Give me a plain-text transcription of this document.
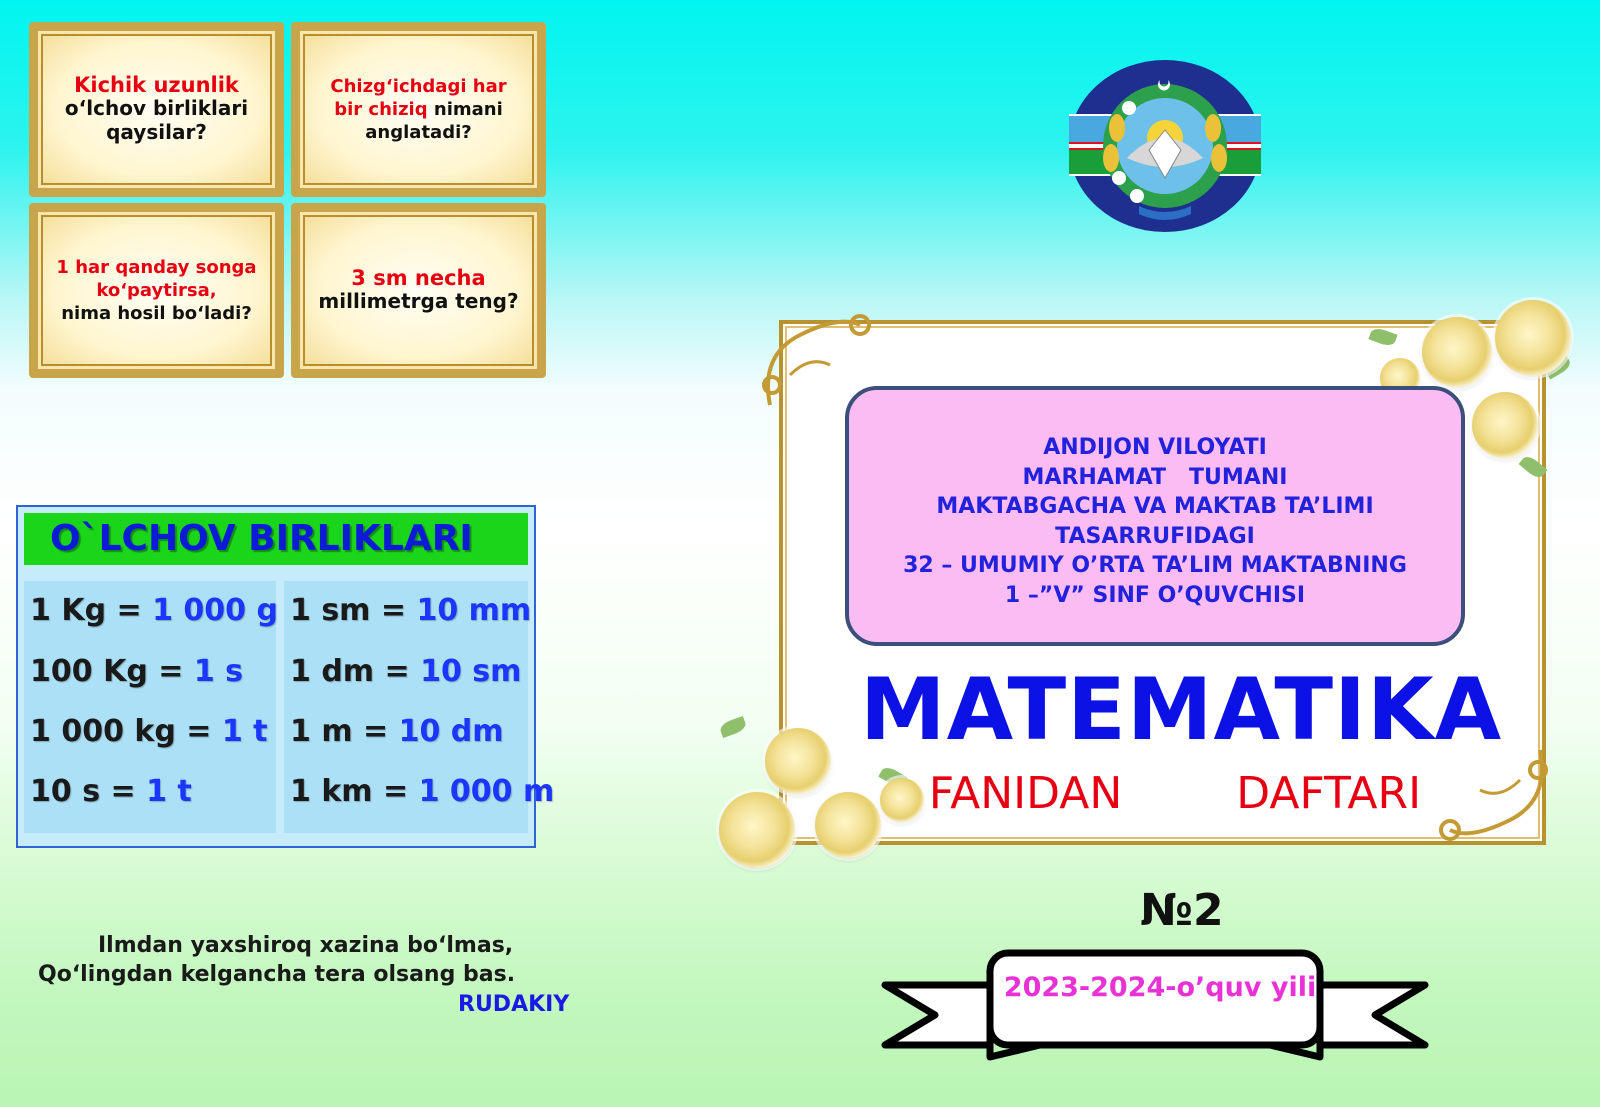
Kichik uzunlik
o‘lchov birliklari qaysilar?
Chizg‘ichdagi har bir chiziq nimani anglatadi?
1 har qanday songa ko‘paytirsa,
nima hosil bo‘ladi?
3 sm necha
millimetrga teng?
O`LCHOV BIRLIKLARI
1 Kg = 1 000 g
100 Kg = 1 s
1 000 kg = 1 t
10 s = 1 t
1 sm = 10 mm
1 dm = 10 sm
1 m = 10 dm
1 km = 1 000 m
Ilmdan yaxshiroq xazina bo‘lmas,
Qo‘lingdan kelgancha tera olsang bas.
RUDAKIY
ANDIJON VILOYATI
MARHAMAT   TUMANI
MAKTABGACHA VA MAKTAB TA’LIMI
TASARRUFIDAGI
32 – UMUMIY O’RTA TA’LIM MAKTABNING
1 –”V” SINF O’QUVCHISI
MATEMATIKA
FANIDAN   DAFTARI
№2
2023-2024-o’quv yili
